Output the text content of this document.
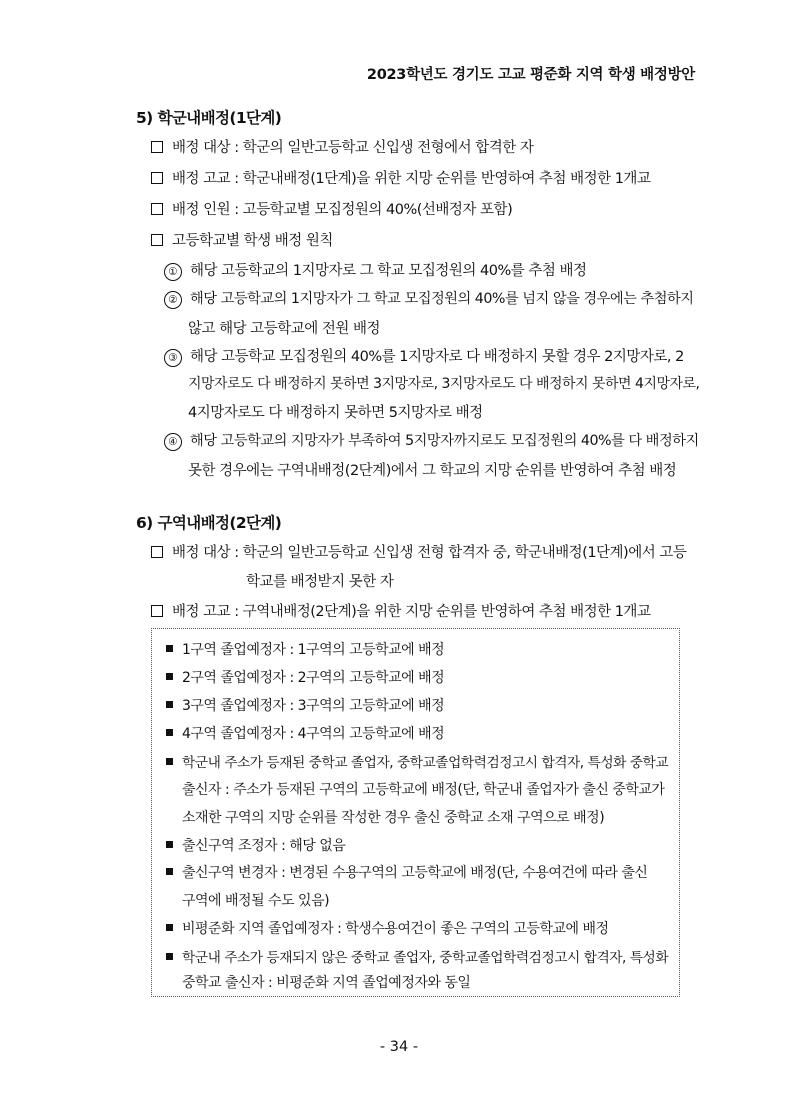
2023학년도 경기도 고교 평준화 지역 학생 배정방안
5) 학군내배정(1단계)
배정 대상 : 학군의 일반고등학교 신입생 전형에서 합격한 자
배정 고교 : 학군내배정(1단계)을 위한 지망 순위를 반영하여 추첨 배정한 1개교
배정 인원 : 고등학교별 모집정원의 40%(선배정자 포함)
고등학교별 학생 배정 원칙
① 해당 고등학교의 1지망자로 그 학교 모집정원의 40%를 추첨 배정
② 해당 고등학교의 1지망자가 그 학교 모집정원의 40%를 넘지 않을 경우에는 추첨하지
않고 해당 고등학교에 전원 배정
③ 해당 고등학교 모집정원의 40%를 1지망자로 다 배정하지 못할 경우 2지망자로, 2
지망자로도 다 배정하지 못하면 3지망자로, 3지망자로도 다 배정하지 못하면 4지망자로,
4지망자로도 다 배정하지 못하면 5지망자로 배정
④ 해당 고등학교의 지망자가 부족하여 5지망자까지로도 모집정원의 40%를 다 배정하지
못한 경우에는 구역내배정(2단계)에서 그 학교의 지망 순위를 반영하여 추첨 배정
6) 구역내배정(2단계)
배정 대상 : 학군의 일반고등학교 신입생 전형 합격자 중, 학군내배정(1단계)에서 고등
학교를 배정받지 못한 자
배정 고교 : 구역내배정(2단계)을 위한 지망 순위를 반영하여 추첨 배정한 1개교
1구역 졸업예정자 : 1구역의 고등학교에 배정
2구역 졸업예정자 : 2구역의 고등학교에 배정
3구역 졸업예정자 : 3구역의 고등학교에 배정
4구역 졸업예정자 : 4구역의 고등학교에 배정
학군내 주소가 등재된 중학교 졸업자, 중학교졸업학력검정고시 합격자, 특성화 중학교
출신자 : 주소가 등재된 구역의 고등학교에 배정(단, 학군내 졸업자가 출신 중학교가
소재한 구역의 지망 순위를 작성한 경우 출신 중학교 소재 구역으로 배정)
출신구역 조정자 : 해당 없음
출신구역 변경자 : 변경된 수용구역의 고등학교에 배정(단, 수용여건에 따라 출신
구역에 배정될 수도 있음)
비평준화 지역 졸업예정자 : 학생수용여건이 좋은 구역의 고등학교에 배정
학군내 주소가 등재되지 않은 중학교 졸업자, 중학교졸업학력검정고시 합격자, 특성화
중학교 출신자 : 비평준화 지역 졸업예정자와 동일
- 34 -
